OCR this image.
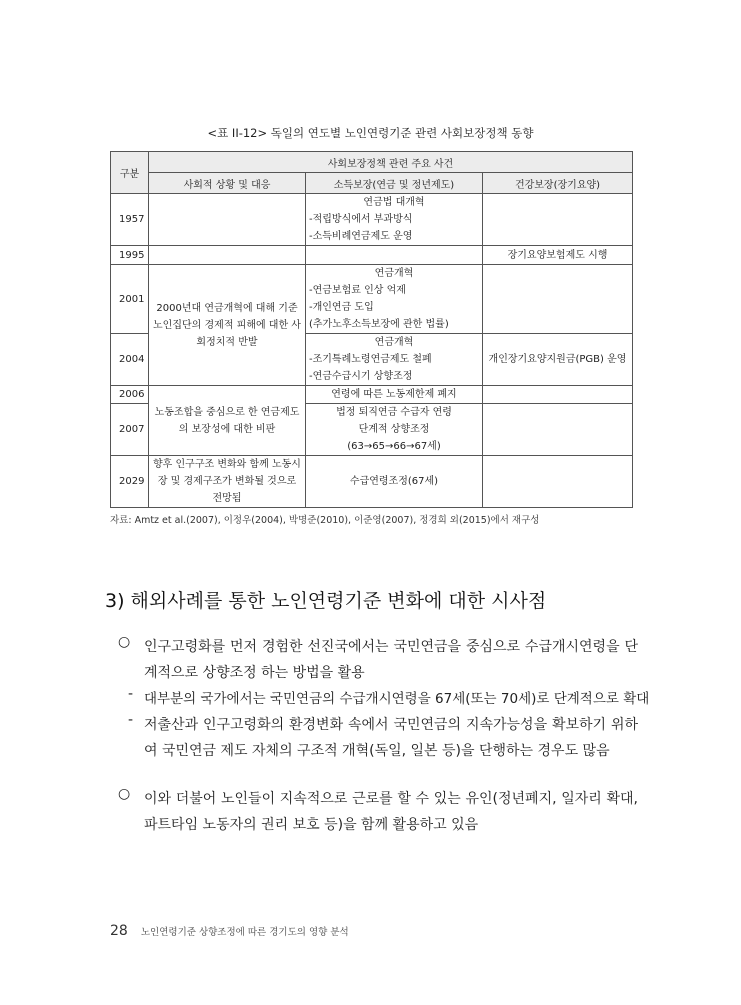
<표 II-12> 독일의 연도별 노인연령기준 관련 사회보장정책 동향
구분	사회보장정책 관련 주요 사건		
	사회적 상황 및 대응	소득보장(연금 및 정년제도)	건강보장(장기요양)
1957		연금법 대개혁
-적립방식에서 부과방식
-소득비례연금제도 운영	

1995			장기요양보험제도 시행
2001	2000년대 연금개혁에 대해 기준 노인집단의 경제적 피해에 대한 사회정치적 반발	연금개혁
-연금보험료 인상 억제
-개인연금 도입
(추가노후소득보장에 관한 법률)	

2004		연금개혁
-조기특례노령연금제도 철폐
-연금수급시기 상향조정	개인장기요양지원금(PGB) 운영
2006	노동조합을 중심으로 한 연금제도의 보장성에 대한 비판	연령에 따른 노동제한제 폐지	
2007		법정 퇴직연금 수급자 연령
단계적 상향조정
(63→65→66→67세)	

2029	향후 인구구조 변화와 함께 노동시장 및 경제구조가 변화될 것으로 전망됨	수급연령조정(67세)	
자료: Amtz et al.(2007), 이정우(2004), 박명준(2010), 이준영(2007), 정경희 외(2015)에서 재구성
3) 해외사례를 통한 노인연령기준 변화에 대한 시사점
○ 인구고령화를 먼저 경험한 선진국에서는 국민연금을 중심으로 수급개시연령을 단계적으로 상향조정 하는 방법을 활용
- 대부분의 국가에서는 국민연금의 수급개시연령을 67세(또는 70세)로 단계적으로 확대
- 저출산과 인구고령화의 환경변화 속에서 국민연금의 지속가능성을 확보하기 위하여 국민연금 제도 자체의 구조적 개혁(독일, 일본 등)을 단행하는 경우도 많음
○ 이와 더불어 노인들이 지속적으로 근로를 할 수 있는 유인(정년폐지, 일자리 확대, 파트타임 노동자의 권리 보호 등)을 함께 활용하고 있음
28 노인연령기준 상향조정에 따른 경기도의 영향 분석
